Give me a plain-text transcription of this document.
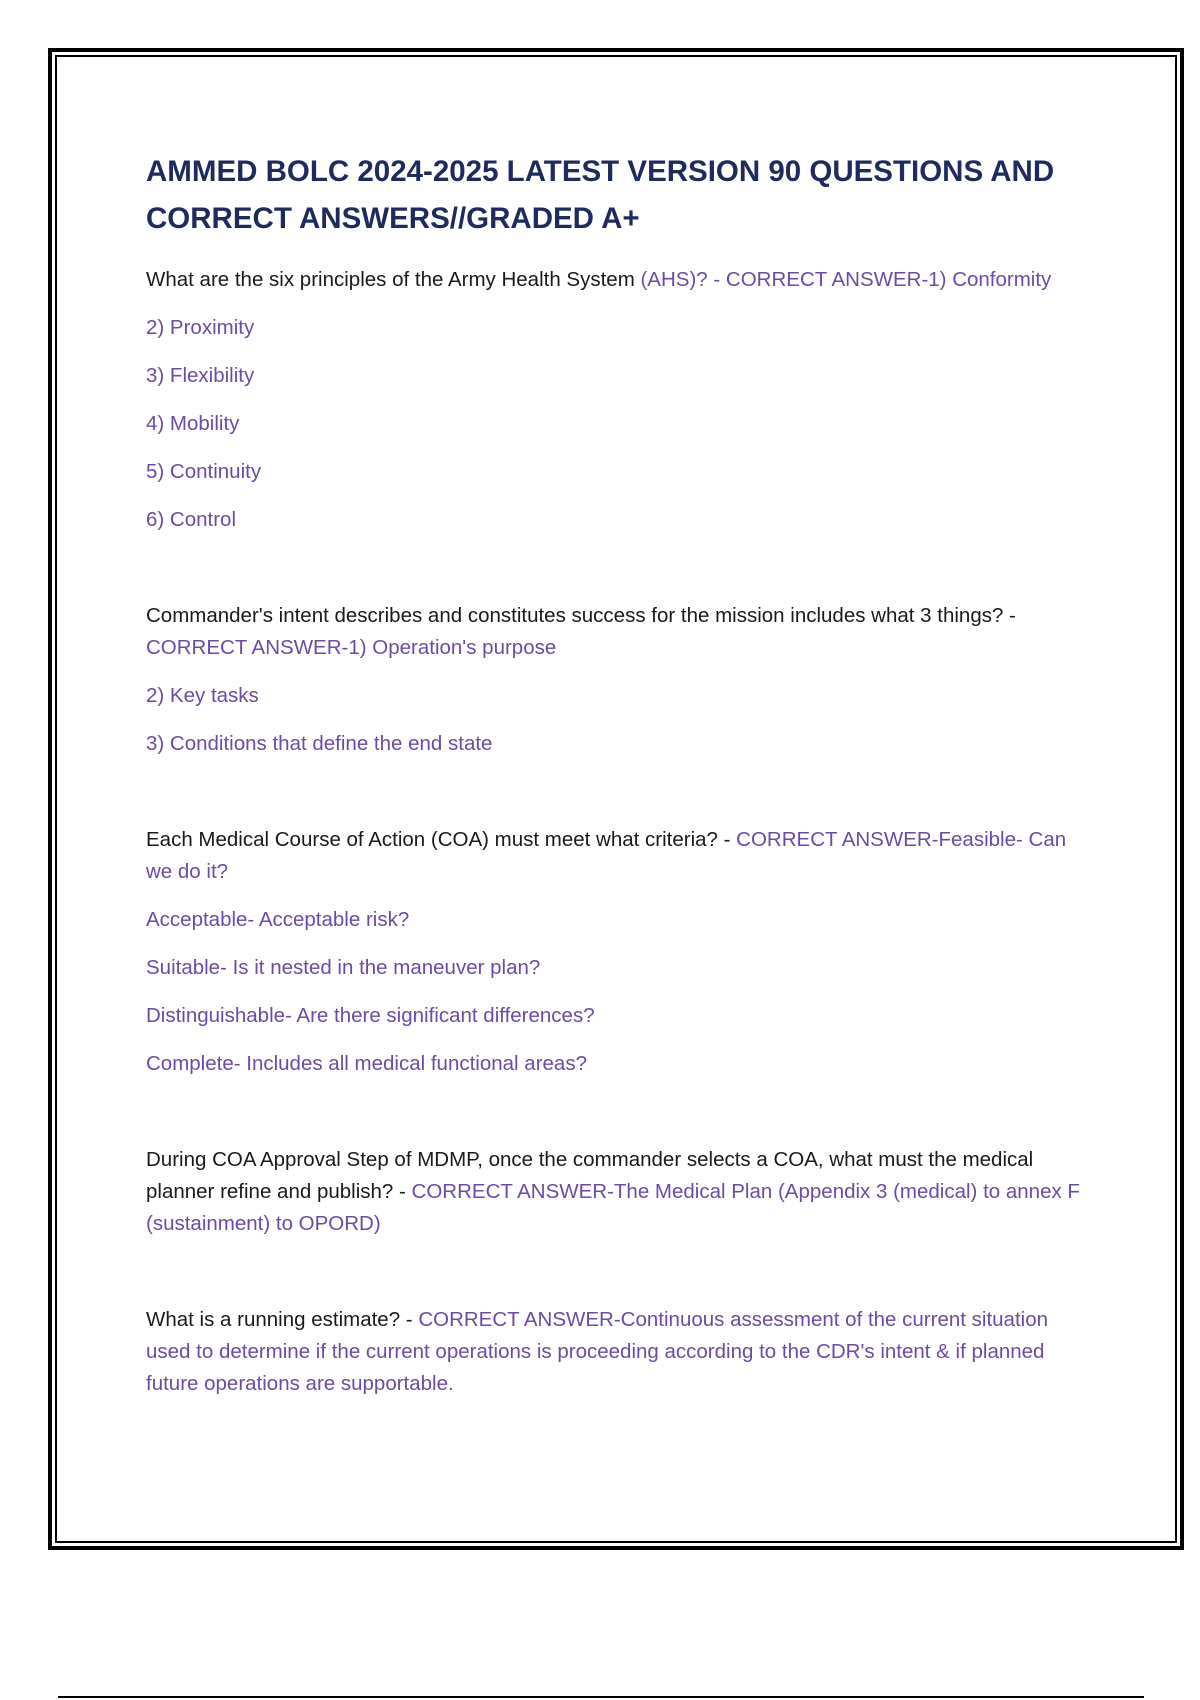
AMMED BOLC 2024-2025 LATEST VERSION 90 QUESTIONS AND CORRECT ANSWERS//GRADED A+

What are the six principles of the Army Health System (AHS)? - CORRECT ANSWER-1) Conformity

2) Proximity

3) Flexibility

4) Mobility

5) Continuity

6) Control

Commander's intent describes and constitutes success for the mission includes what 3 things? - CORRECT ANSWER-1) Operation's purpose

2) Key tasks

3) Conditions that define the end state

Each Medical Course of Action (COA) must meet what criteria? - CORRECT ANSWER-Feasible- Can we do it?

Acceptable- Acceptable risk?

Suitable- Is it nested in the maneuver plan?

Distinguishable- Are there significant differences?

Complete- Includes all medical functional areas?

During COA Approval Step of MDMP, once the commander selects a COA, what must the medical planner refine and publish? - CORRECT ANSWER-The Medical Plan (Appendix 3 (medical) to annex F (sustainment) to OPORD)

What is a running estimate? - CORRECT ANSWER-Continuous assessment of the current situation used to determine if the current operations is proceeding according to the CDR's intent & if planned future operations are supportable.
